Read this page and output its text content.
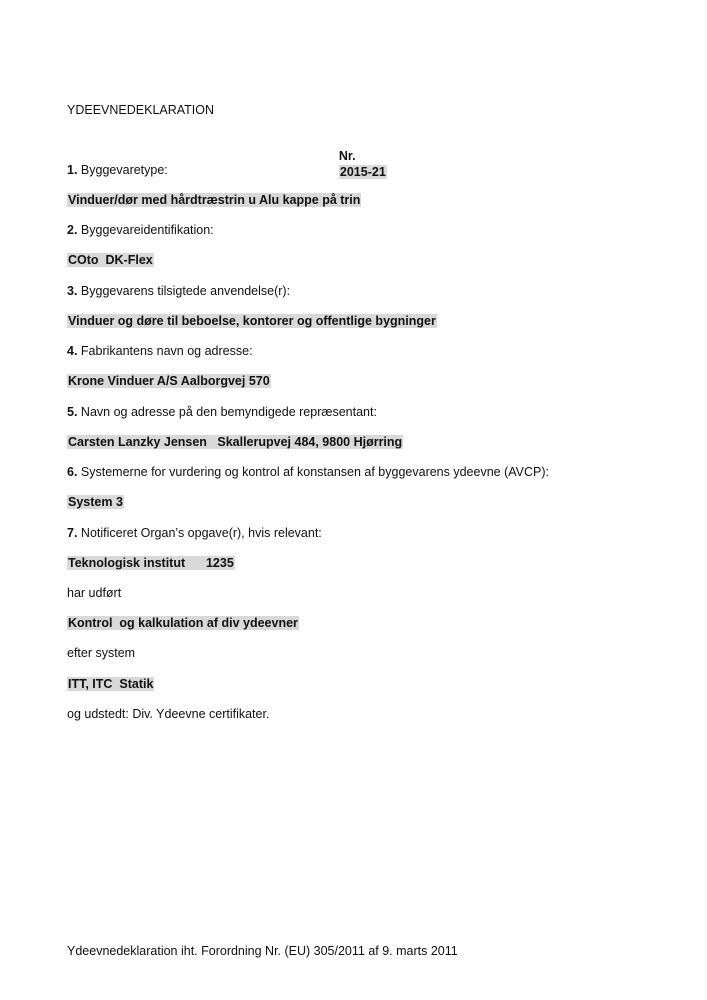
YDEEVNEDEKLARATION

Nr.
2015-21

1. Byggevaretype:
Vinduer/dør med hårdtræstrin u Alu kappe på trin
2. Byggevareidentifikation:
COto  DK-Flex
3. Byggevarens tilsigtede anvendelse(r):
Vinduer og døre til beboelse, kontorer og offentlige bygninger
4. Fabrikantens navn og adresse:
Krone Vinduer A/S Aalborgvej 570
5. Navn og adresse på den bemyndigede repræsentant:
Carsten Lanzky Jensen   Skallerupvej 484, 9800 Hjørring
6. Systemerne for vurdering og kontrol af konstansen af byggevarens ydeevne (AVCP):
System 3
7. Notificeret Organ’s opgave(r), hvis relevant:
Teknologisk institut      1235
har udført
Kontrol  og kalkulation af div ydeevner
efter system
ITT, ITC  Statik
og udstedt: Div. Ydeevne certifikater.
Ydeevnedeklaration iht. Forordning Nr. (EU) 305/2011 af 9. marts 2011
